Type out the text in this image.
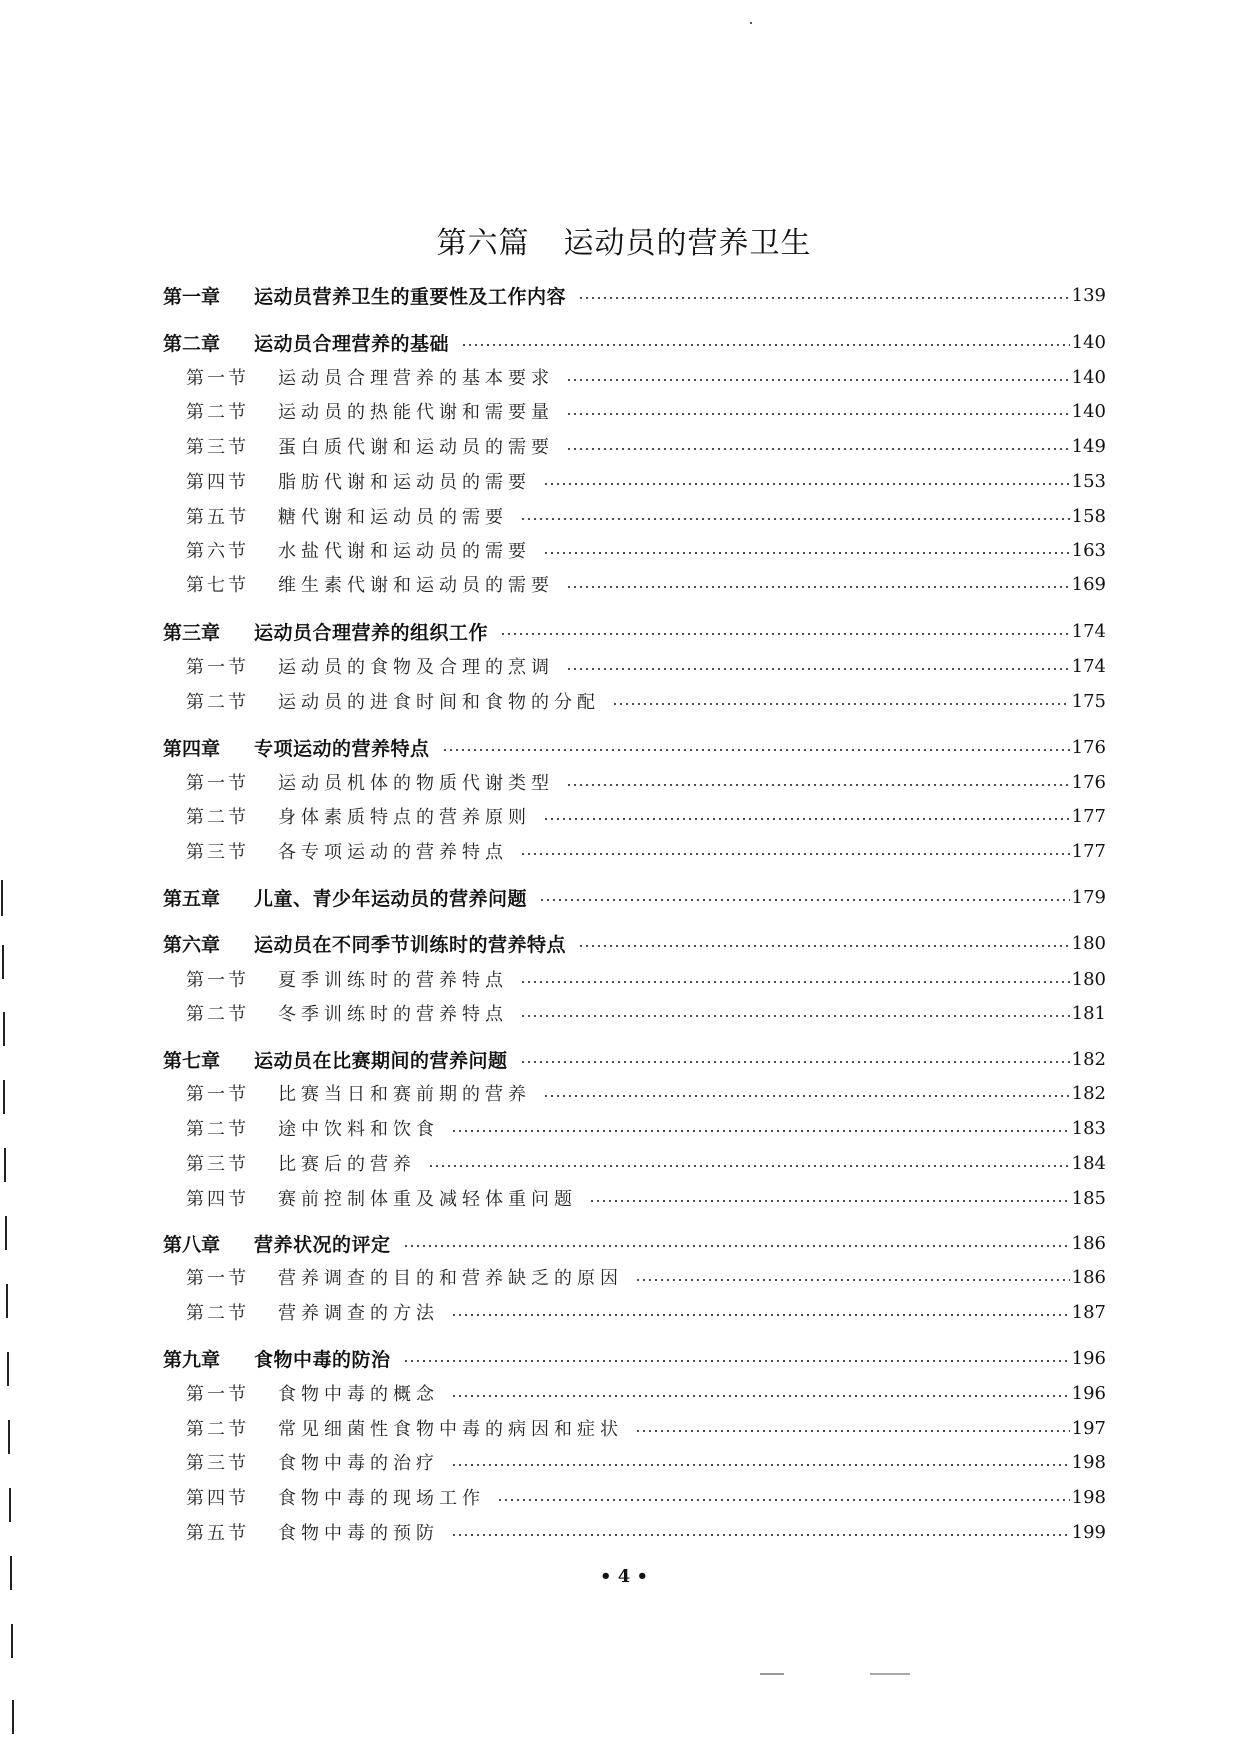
第六篇 运动员的营养卫生
第一章 运动员营养卫生的重要性及工作内容	139
第二章 运动员合理营养的基础	140
第一节 运动员合理营养的基本要求	140
第二节 运动员的热能代谢和需要量	140
第三节 蛋白质代谢和运动员的需要	149
第四节 脂肪代谢和运动员的需要	153
第五节 糖代谢和运动员的需要	158
第六节 水盐代谢和运动员的需要	163
第七节 维生素代谢和运动员的需要	169
第三章 运动员合理营养的组织工作	174
第一节 运动员的食物及合理的烹调	174
第二节 运动员的进食时间和食物的分配	175
第四章 专项运动的营养特点	176
第一节 运动员机体的物质代谢类型	176
第二节 身体素质特点的营养原则	177
第三节 各专项运动的营养特点	177
第五章 儿童、青少年运动员的营养问题	179
第六章 运动员在不同季节训练时的营养特点	180
第一节 夏季训练时的营养特点	180
第二节 冬季训练时的营养特点	181
第七章 运动员在比赛期间的营养问题	182
第一节 比赛当日和赛前期的营养	182
第二节 途中饮料和饮食	183
第三节 比赛后的营养	184
第四节 赛前控制体重及减轻体重问题	185
第八章 营养状况的评定	186
第一节 营养调查的目的和营养缺乏的原因	186
第二节 营养调查的方法	187
第九章 食物中毒的防治	196
第一节 食物中毒的概念	196
第二节 常见细菌性食物中毒的病因和症状	197
第三节 食物中毒的治疗	198
第四节 食物中毒的现场工作	198
第五节 食物中毒的预防	199
• 4 •
